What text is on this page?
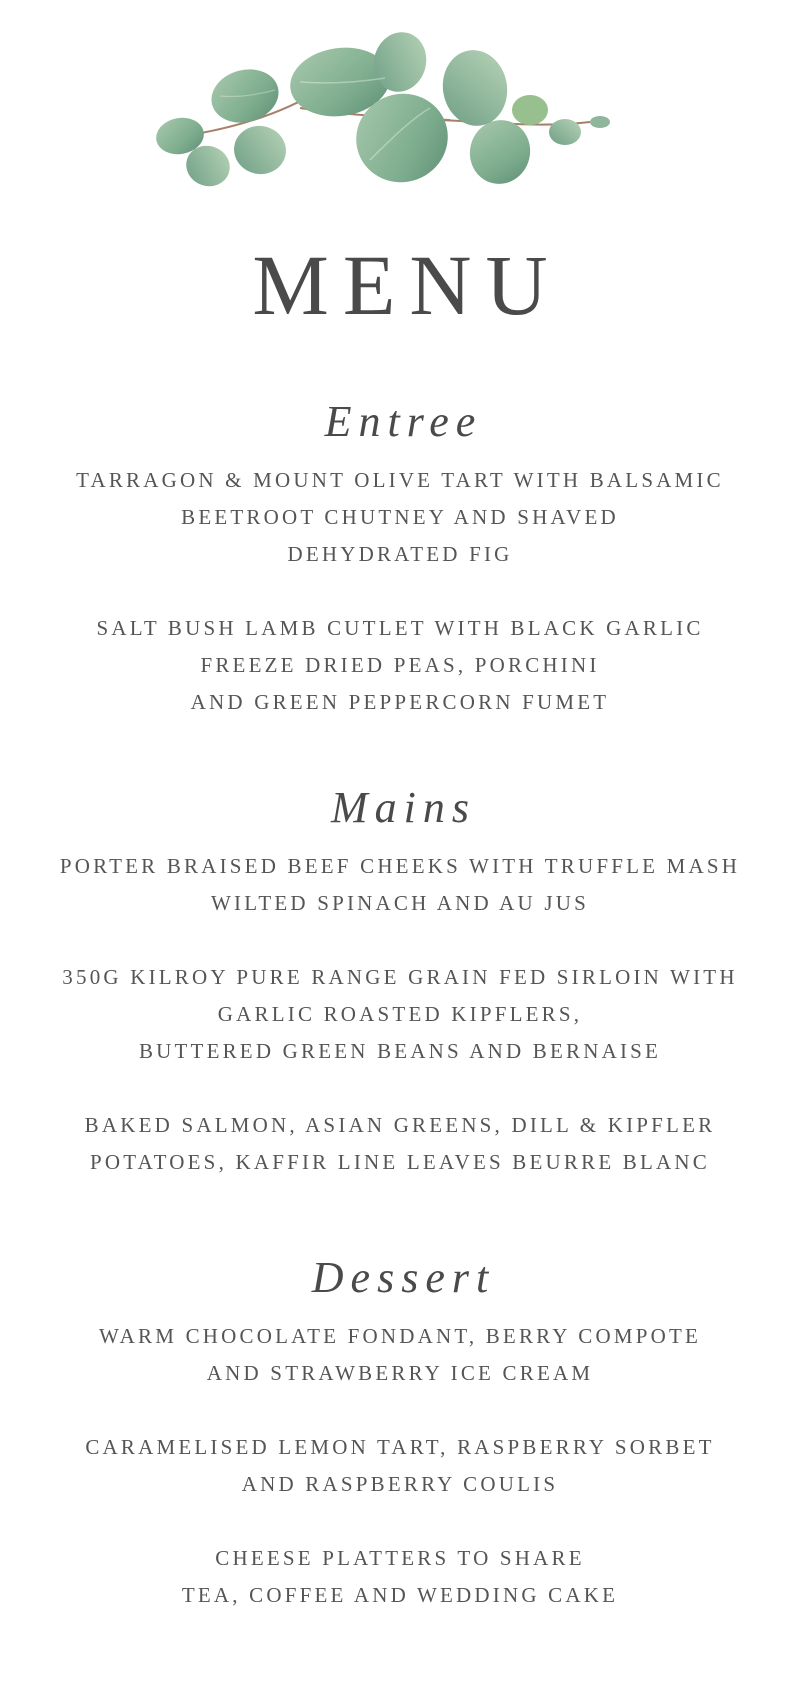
MENU
Entree

TARRAGON & MOUNT OLIVE TART WITH BALSAMIC
BEETROOT CHUTNEY AND SHAVED
DEHYDRATED FIG

SALT BUSH LAMB CUTLET WITH BLACK GARLIC
FREEZE DRIED PEAS, PORCHINI
AND GREEN PEPPERCORN FUMET

Mains

PORTER BRAISED BEEF CHEEKS WITH TRUFFLE MASH
WILTED SPINACH AND AU JUS

350G KILROY PURE RANGE GRAIN FED SIRLOIN WITH
GARLIC ROASTED KIPFLERS,
BUTTERED GREEN BEANS AND BERNAISE

BAKED SALMON, ASIAN GREENS, DILL & KIPFLER
POTATOES, KAFFIR LINE LEAVES BEURRE BLANC

Dessert

WARM CHOCOLATE FONDANT, BERRY COMPOTE
AND STRAWBERRY ICE CREAM

CARAMELISED LEMON TART, RASPBERRY SORBET
AND RASPBERRY COULIS

CHEESE PLATTERS TO SHARE
TEA, COFFEE AND WEDDING CAKE
